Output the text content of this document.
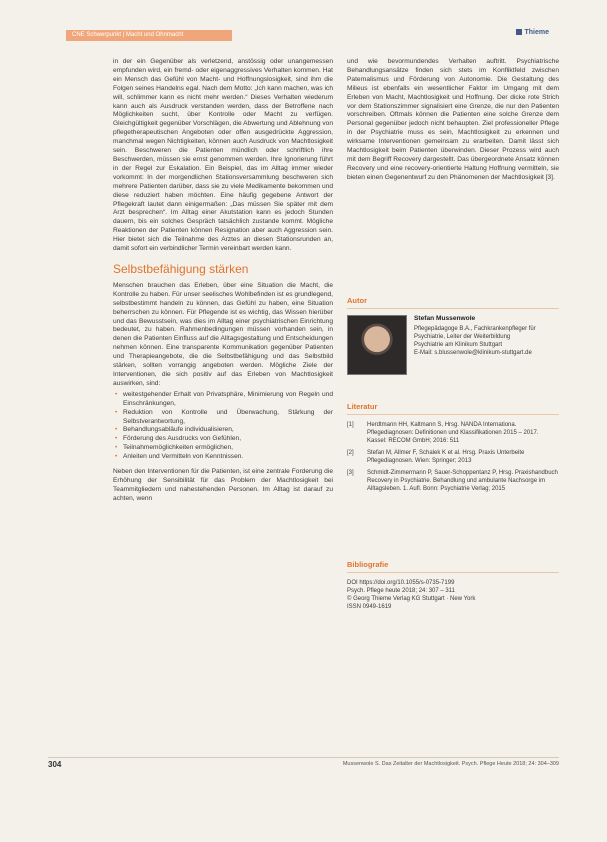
CNE Schwerpunkt | Macht und Ohnmacht	Thieme

in der ein Gegenüber als verletzend, anstössig oder unangemessen empfunden wird, ein fremd- oder eigenaggressives Verhalten kommen. Hat ein Mensch das Gefühl von Macht- und Hoffnungslosigkeit, sind ihm die Folgen seines Handelns egal. Nach dem Motto: „Ich kann machen, was ich will, schlimmer kann es nicht mehr werden.“ Dieses Verhalten wiederum kann auch als Ausdruck verstanden werden, dass der Betroffene nach Möglichkeiten sucht, über Kontrolle oder Macht zu verfügen. Gleichgültigkeit gegenüber Vorschlägen, die Abwertung und Ablehnung von pflegetherapeutischen Angeboten oder offen ausgedrückte Aggression, manchmal wegen Nichtigkeiten, können auch Ausdruck von Machtlosigkeit sein. Beschweren die Patienten mündlich oder schriftlich ihre Beschwerden, müssen sie ernst genommen werden. Ihre Ignorierung führt in der Regel zur Eskalation. Ein Beispiel, das im Alltag immer wieder vorkommt: In der morgendlichen Stationsversammlung beschweren sich mehrere Patienten darüber, dass sie zu viele Medikamente bekommen und diese reduziert haben möchten. Eine häufig gegebene Antwort der Pflegekraft lautet dann einigermaßen: „Das müssen Sie später mit dem Arzt besprechen“. Im Alltag einer Akutstation kann es jedoch Stunden dauern, bis ein solches Gespräch tatsächlich zustande kommt. Mögliche Reaktionen der Patienten können Resignation aber auch Aggression sein. Hier bietet sich die Teilnahme des Arztes an diesen Stationsrunden an, damit sofort ein verbindlicher Termin vereinbart werden kann.

Selbstbefähigung stärken

Menschen brauchen das Erleben, über eine Situation die Macht, die Kontrolle zu haben. Für unser seelisches Wohlbefinden ist es grundlegend, selbstbestimmt handeln zu können, das Gefühl zu haben, eine Situation beherrschen zu können. Für Pflegende ist es wichtig, das Wissen hierüber und das Bewusstsein, was dies im Alltag einer psychiatrischen Einrichtung bedeutet, zu haben. Rahmenbedingungen müssen vorhanden sein, in denen die Patienten Einfluss auf die Alltagsgestaltung und Entscheidungen nehmen können. Eine transparente Kommunikation gegenüber Patienten und Therapieangebote, die die Selbstbefähigung und das Selbstbild stärken, sollten vorrangig angeboten werden. Mögliche Ziele der Interventionen, die sich positiv auf das Erleben von Machtlosigkeit auswirken, sind:

• weitestgehender Erhalt von Privatsphäre, Minimierung von Regeln und Einschränkungen,
• Reduktion von Kontrolle und Überwachung, Stärkung der Selbstverantwortung,
• Behandlungsabläufe individualisieren,
• Förderung des Ausdrucks von Gefühlen,
• Teilnahmemöglichkeiten ermöglichen,
• Anleiten und Vermitteln von Kenntnissen.

Neben den Interventionen für die Patienten, ist eine zentrale Forderung die Erhöhung der Sensibilität für das Problem der Machtlosigkeit bei Teammitgliedern und nahestehenden Personen. Im Alltag ist darauf zu achten, wenn

und wie bevormundendes Verhalten auftritt. Psychiatrische Behandlungsansätze finden sich stets im Konfliktfeld zwischen Paternalismus und Förderung von Autonomie. Die Gestaltung des Milieus ist ebenfalls ein wesentlicher Faktor im Umgang mit dem Erleben von Macht, Machtlosigkeit und Hoffnung. Der dicke rote Strich vor dem Stationszimmer signalisiert eine Grenze, die nur den Patienten vorschreiben. Oftmals können die Patienten eine solche Grenze dem Personal gegenüber jedoch nicht behaupten. Ziel professioneller Pflege in der Psychiatrie muss es sein, Machtlosigkeit zu erkennen und wirksame Interventionen gemeinsam zu erarbeiten. Damit lässt sich Machtlosigkeit beim Patienten überwinden. Dieser Prozess wird auch mit dem Begriff Recovery dargestellt. Das übergeordnete Ansatz können Recovery und eine recovery-orientierte Haltung Hoffnung vermitteln, sie bieten einen Gegenentwurf zu den Phänomenen der Machtlosigkeit [3].

Autor
Stefan Mussenwole
Pflegepädagoge B.A., Fachkrankenpfleger für
Psychiatrie, Leiter der Weiterbildung
Psychiatrie am Klinikum Stuttgart
E-Mail: s.blussenwole@klinikum-stuttgart.de
Literatur
[1]	Herdtmann HH, Kaltmann S, Hrsg. NANDA Internationa. Pflegediagnosen: Definitionen und Klassifikationen 2015 – 2017. Kassel: RECOM GmbH; 2016: 511
[2]	Stefan M, Allmer F, Schalek K et al. Hrsg. Praxis Unterbeite Pflegediagnosen. Wien: Springer; 2013
[3]	Schmidt-Zimmermann P, Sauer-Schoppentanz P, Hrsg. Praxishandbuch Recovery in Psychiatrie. Behandlung und ambulante Nachsorge im Alltagsleben. 1. Aufl. Bonn: Psychiatrie Verlag; 2015
Bibliografie
DOI https://doi.org/10.1055/s-0735-7199
Psych. Pflege heute 2018; 24: 307 – 311
© Georg Thieme Verlag KG Stuttgart · New York
ISSN 0949-1619
304	Mussenwole S. Das Zeitalter der Machtlosigkeit. Psych. Pflege Heute 2018; 24: 304–309
